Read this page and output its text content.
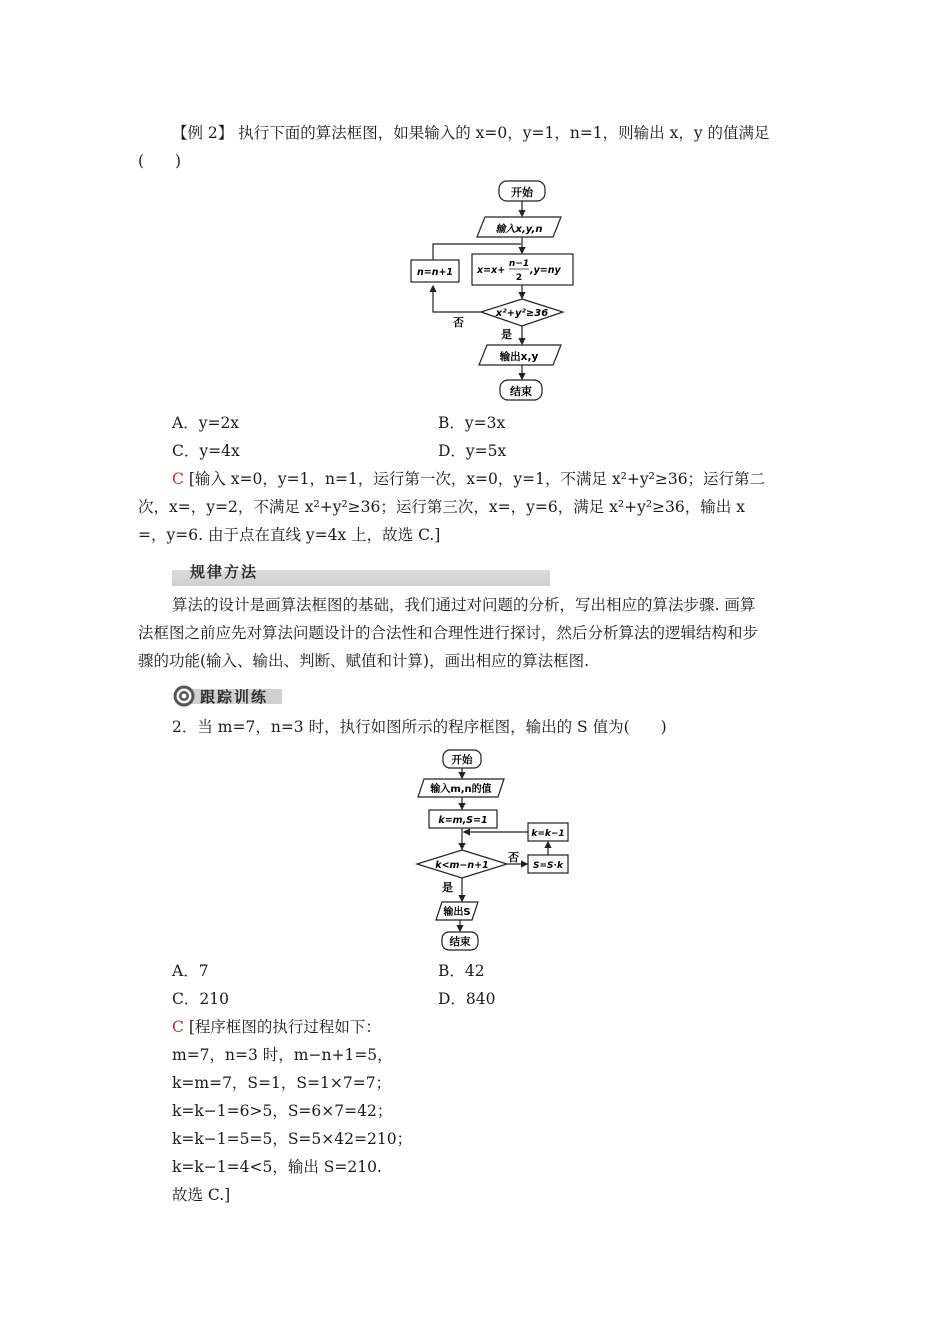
【例 2】 执行下面的算法框图，如果输入的 x=0，y=1，n=1，则输出 x，y 的值满足
(　　)
开始
输入x,y,n
x=x+
n−1
2
,y=ny
n=n+1
x²+y²≥36
否
是
输出x,y
结束
A．y=2x	B．y=3x
C．y=4x	D．y=5x
C [输入 x=0，y=1，n=1，运行第一次，x=0，y=1，不满足 x²+y²≥36；运行第二
次，x=，y=2，不满足 x²+y²≥36；运行第三次，x=，y=6，满足 x²+y²≥36，输出 x
=，y=6. 由于点在直线 y=4x 上，故选 C.]
规律方法
算法的设计是画算法框图的基础，我们通过对问题的分析，写出相应的算法步骤. 画算
法框图之前应先对算法问题设计的合法性和合理性进行探讨，然后分析算法的逻辑结构和步
骤的功能(输入、输出、判断、赋值和计算)，画出相应的算法框图.
跟踪训练
2．当 m=7，n=3 时，执行如图所示的程序框图，输出的 S 值为(　　)
开始
输入m,n的值
k=m,S=1
k=k−1
k<m−n+1
否
S=S·k
是
输出S
结束
A．7	B．42
C．210	D．840
C [程序框图的执行过程如下：
m=7，n=3 时，m−n+1=5，
k=m=7，S=1，S=1×7=7；
k=k−1=6>5，S=6×7=42；
k=k−1=5=5，S=5×42=210；
k=k−1=4<5，输出 S=210.
故选 C.]
